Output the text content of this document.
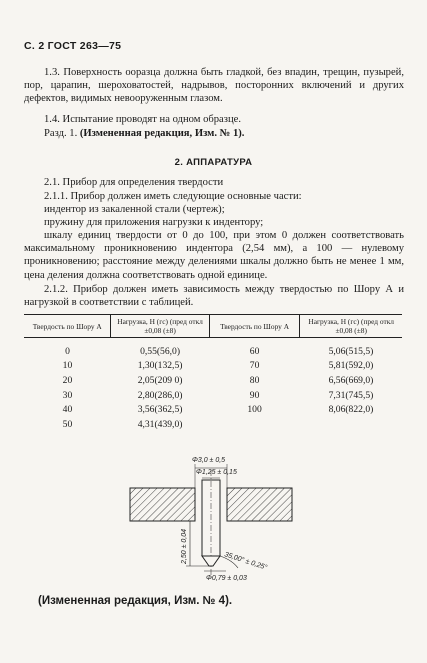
С. 2 ГОСТ 263—75
1.3. Поверхность ооразца должна быть гладкой, без впадин, трещин, пузырей, пор, царапин, шероховатостей, надрывов, посторонних включений и других дефектов, видимых невооруженным глазом.
1.4. Испытание проводят на одном образце.
Разд. 1. (Измененная редакция, Изм. № 1).
2. АППАРАТУРА
2.1. Прибор для определения твердости
2.1.1. Прибор должен иметь следующие основные части:
индентор из закаленной стали (чертеж);
пружину для приложения нагрузки к индентору;
шкалу единиц твердости от 0 до 100, при этом 0 должен соответствовать максимальному проникновению индентора (2,54 мм), а 100 — нулевому проникновению; расстояние между делениями шкалы должно быть не менее 1 мм, цена деления должна соответствовать одной единице.
2.1.2. Прибор должен иметь зависимость между твердостью по Шору А и нагрузкой в соответствии с таблицей.
Твердость по Шору А	Нагрузка, Н (гс) (пред откл ±0,08 (±8)	Твердость по Шору А	Нагрузка, Н (гс) (пред откл ±0,08 (±8)

0	0,55(56,0)	60	5,06(515,5)
10	1,30(132,5)	70	5,81(592,0)
20	2,05(209 0)	80	6,56(669,0)
30	2,80(286,0)	90	7,31(745,5)
40	3,56(362,5)	100	8,06(822,0)
50	4,31(439,0)		
Φ3,0 ± 0,5
Φ1,25 ± 0,15
2,50 ± 0,04	35,00° ± 0,25°
Φ0,79 ± 0,03
(Измененная редакция, Изм. № 4).
